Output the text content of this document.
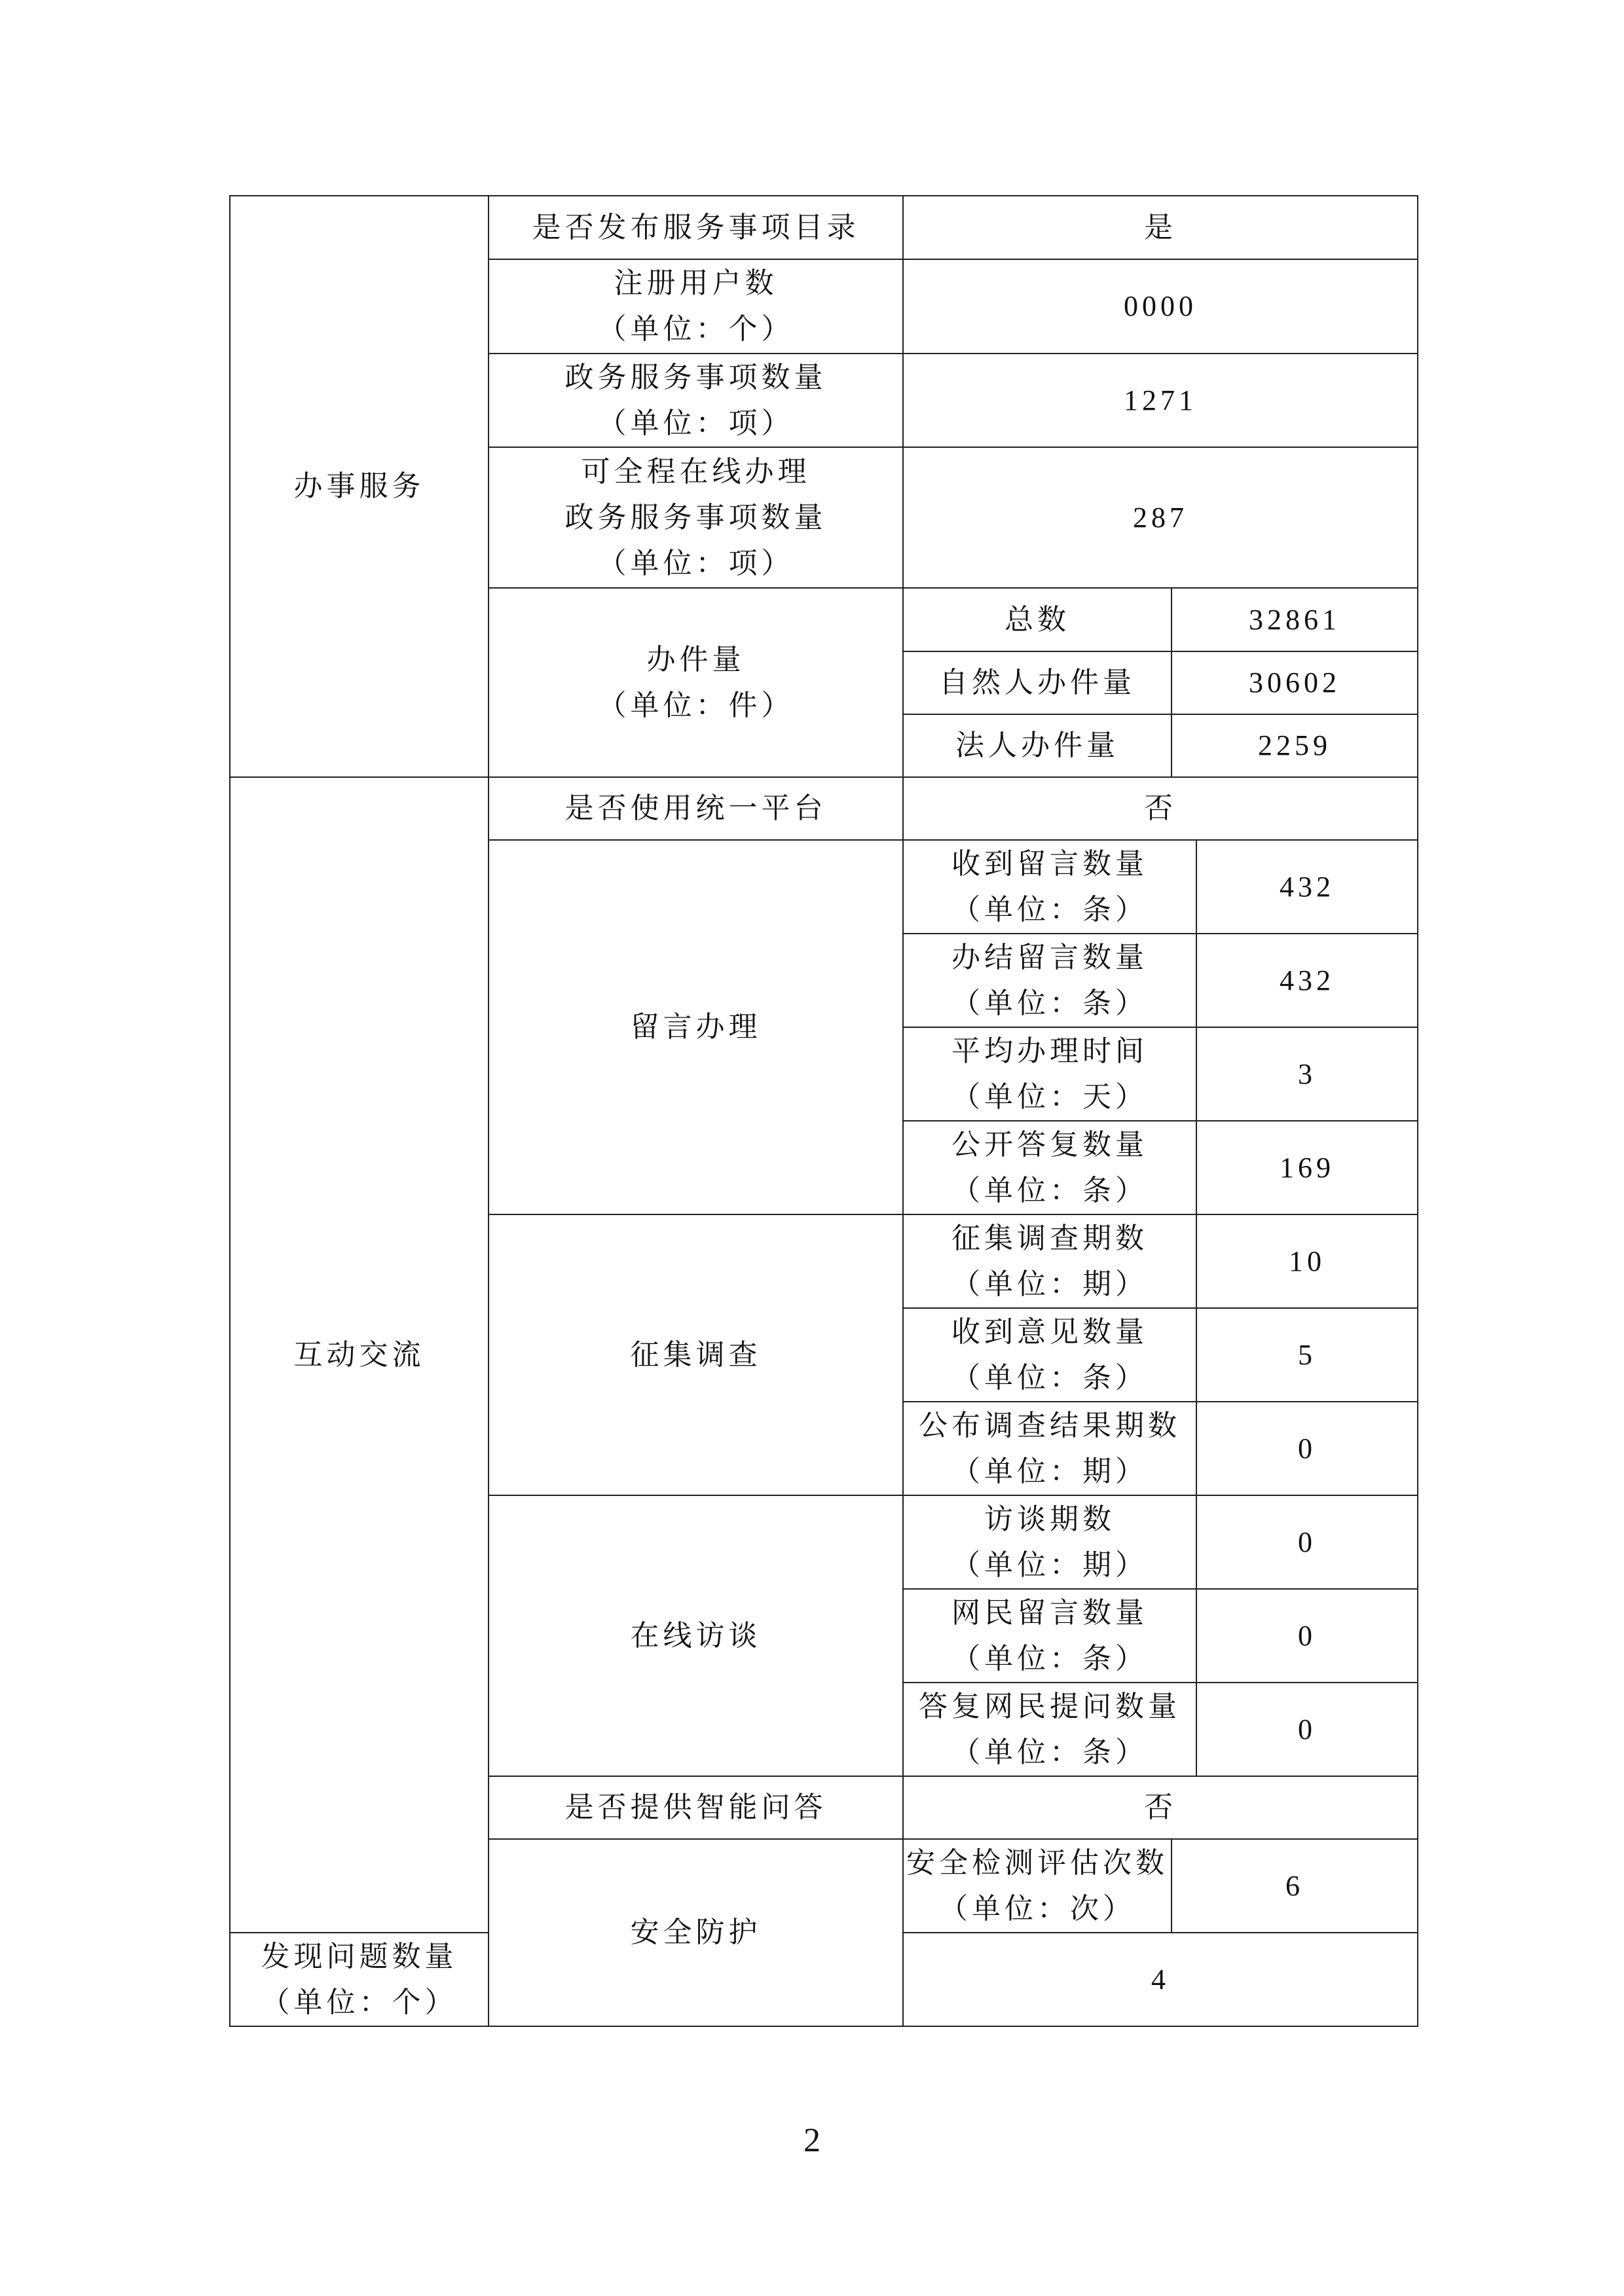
办事服务	是否发布服务事项目录	是		

	注册用户数
（单位：个）	0000		

	政务服务事项数量
（单位：项）	1271		

	可全程在线办理
政务服务事项数量
（单位：项）	287		

	办件量
（单位：件）	总数	32861	
		自然人办件量	30602	
		法人办件量	2259	
互动交流	是否使用统一平台	否		
	留言办理	收到留言数量
（单位：条）		432

		办结留言数量
（单位：条）		432

		平均办理时间
（单位：天）		3

		公开答复数量
（单位：条）		169
	征集调查	征集调查期数
（单位：期）		10

		收到意见数量
（单位：条）		5

		公布调查结果期数
（单位：期）		0
	在线访谈	访谈期数
（单位：期）		0

		网民留言数量
（单位：条）		0

		答复网民提问数量
（单位：条）		0
	是否提供智能问答	否		
	安全防护	安全检测评估次数
（单位：次）	6	

发现问题数量
（单位：个）		4		
2
